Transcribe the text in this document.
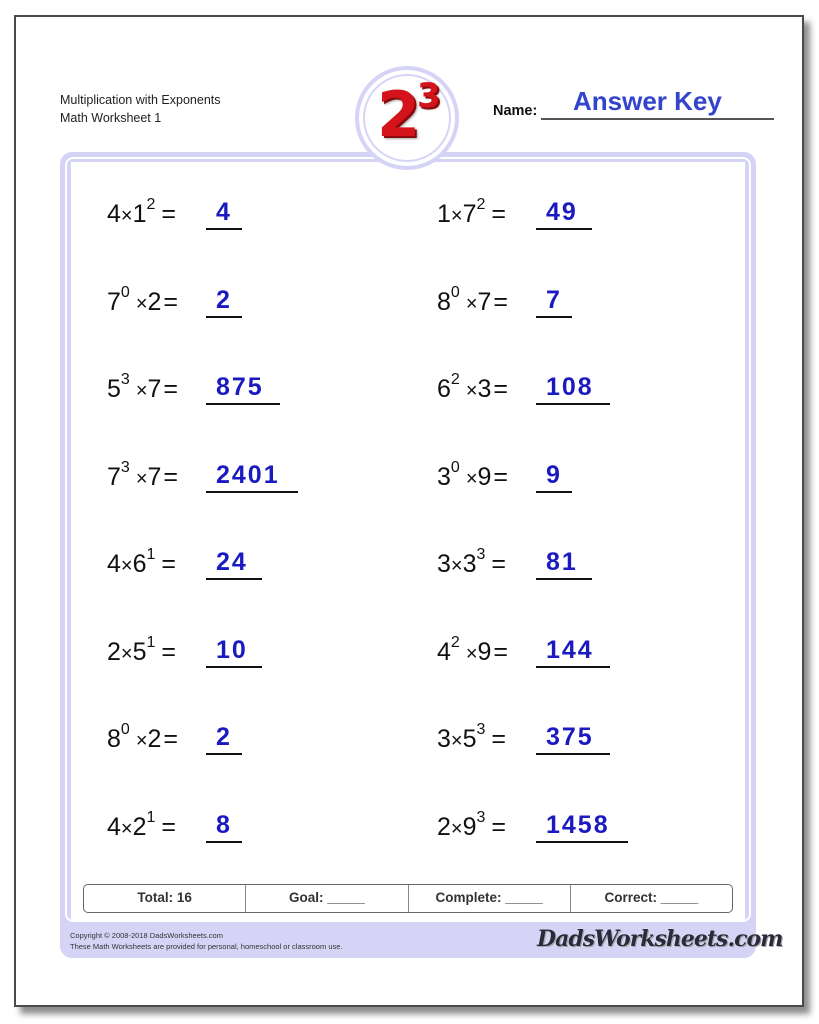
Multiplication with Exponents
Math Worksheet 1	Name: Answer Key
2
3
$4\times 1^2 = 4$	$1\times 7^2 = 49$
$7^0\times 2= 2$	$8^0\times 7= 7$
$5^3\times 7= 875$	$6^2\times 3= 108$
$7^3\times 7= 2401$	$3^0\times 9= 9$
$4\times 6^1 = 24$	$3\times 3^3 = 81$
$2\times 5^1 = 10$	$4^2\times 9= 144$
$8^0\times 2= 2$	$3\times 5^3 = 375$
$4\times 2^1 = 8$	$2\times 9^3 = 1458$
Total: 16	Goal: _____	Complete: _____	Correct: _____
Copyright © 2008-2018 DadsWorksheets.com
These Math Worksheets are provided for personal, homeschool or classroom use.	DadsWorksheets.com
